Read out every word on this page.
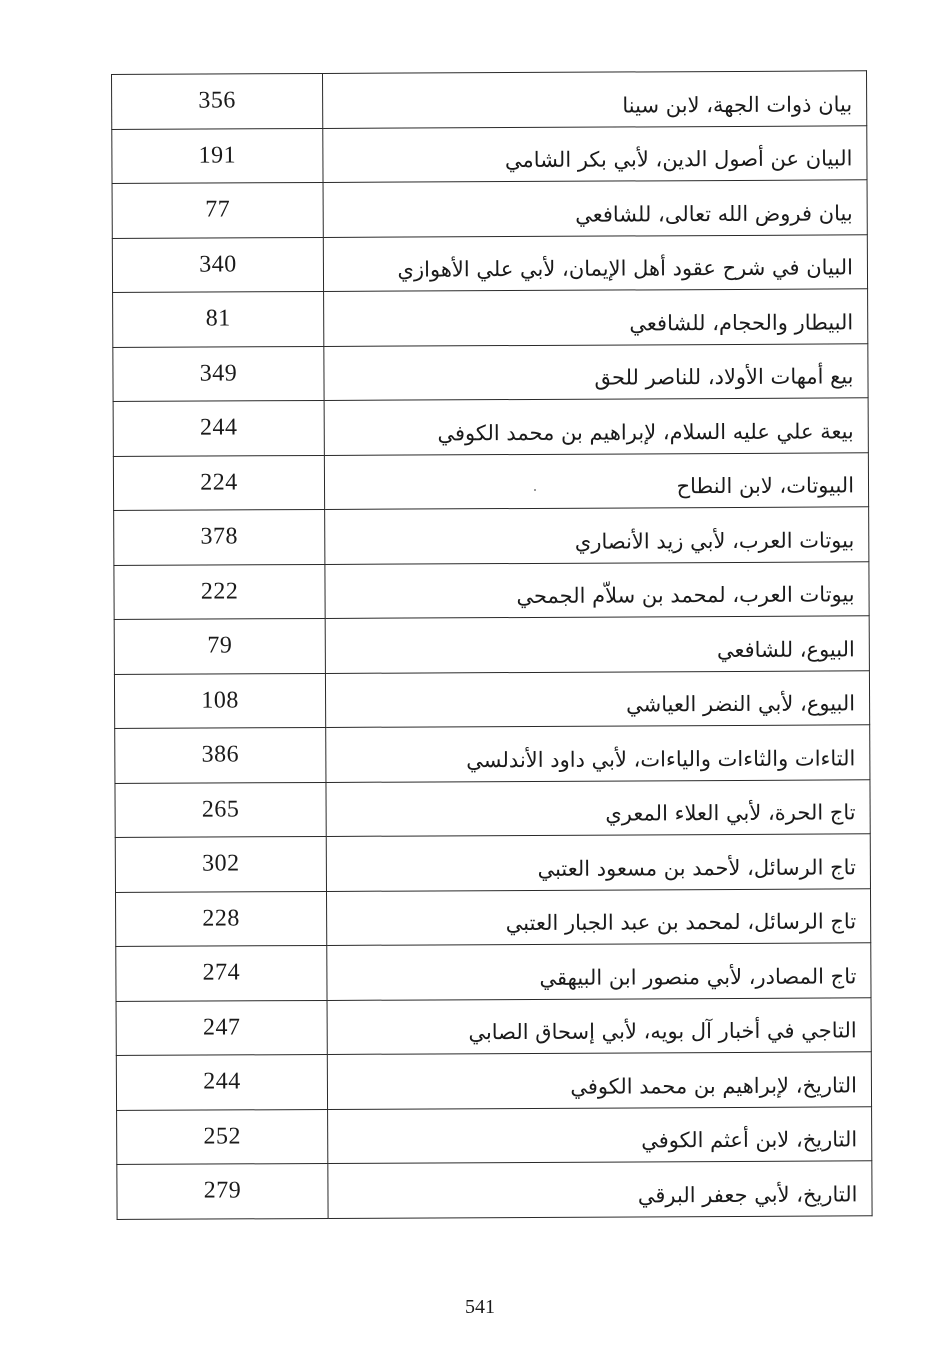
356	بيان ذوات الجهة، لابن سينا
191	البيان عن أصول الدين، لأبي بكر الشامي
77	بيان فروض الله تعالى، للشافعي
340	البيان في شرح عقود أهل الإيمان، لأبي علي الأهوازي
81	البيطار والحجام، للشافعي
349	بيع أمهات الأولاد، للناصر للحق
244	بيعة علي عليه السلام، لإبراهيم بن محمد الكوفي
224	البيوتات، لابن النطاح
378	بيوتات العرب، لأبي زيد الأنصاري
222	بيوتات العرب، لمحمد بن سلاّم الجمحي
79	البيوع، للشافعي
108	البيوع، لأبي النضر العياشي
386	التاءات والثاءات والياءات، لأبي داود الأندلسي
265	تاج الحرة، لأبي العلاء المعري
302	تاج الرسائل، لأحمد بن مسعود العتبي
228	تاج الرسائل، لمحمد بن عبد الجبار العتبي
274	تاج المصادر، لأبي منصور ابن البيهقي
247	التاجي في أخبار آل بويه، لأبي إسحاق الصابي
244	التاريخ، لإبراهيم بن محمد الكوفي
252	التاريخ، لابن أعثم الكوفي
279	التاريخ، لأبي جعفر البرقي
541
